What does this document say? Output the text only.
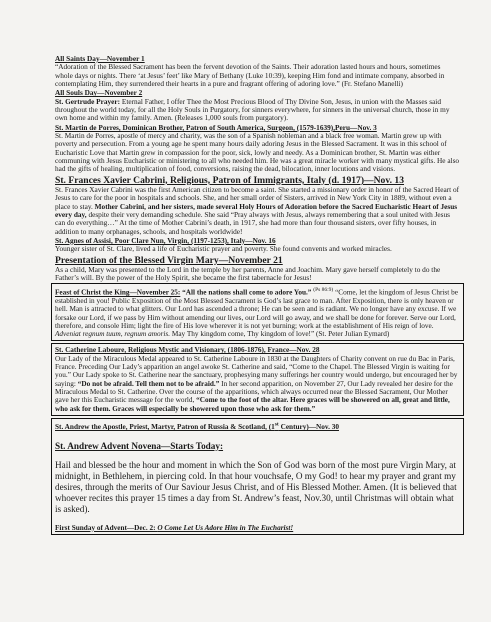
All Saints Day—November 1

“Adoration of the Blessed Sacrament has been the fervent devotion of the Saints. Their adoration lasted hours and hours, sometimes whole days or nights. There ‘at Jesus’ feet’ like Mary of Bethany (Luke 10:39), keeping Him fond and intimate company, absorbed in contemplating Him, they surrendered their hearts in a pure and fragrant offering of adoring love.” (Fr. Stefano Manelli)

All Souls Day—November 2

St. Gertrude Prayer: Eternal Father, I offer Thee the Most Precious Blood of Thy Divine Son, Jesus, in union with the Masses said throughout the world today, for all the Holy Souls in Purgatory, for sinners everywhere, for sinners in the universal church, those in my own home and within my family. Amen. (Releases 1,000 souls from purgatory).

St. Martin de Porres, Dominican Brother, Patron of South America, Surgeon, (1579-1639),Peru—Nov. 3

St. Martin de Porres, apostle of mercy and charity, was the son of a Spanish nobleman and a black free woman. Martin grew up with poverty and persecution. From a young age he spent many hours daily adoring Jesus in the Blessed Sacrament. It was in this school of Eucharistic Love that Martin grew in compassion for the poor, sick, lowly and needy. As a Dominican brother, St. Martin was either communing with Jesus Eucharistic or ministering to all who needed him. He was a great miracle worker with many mystical gifts. He also had the gifts of healing, multiplication of food, conversions, raising the dead, bilocation, inner locutions and visions.

St. Frances Xavier Cabrini, Religious, Patron of Immigrants, Italy (d. 1917)—Nov. 13

St. Frances Xavier Cabrini was the first American citizen to become a saint. She started a missionary order in honor of the Sacred Heart of Jesus to care for the poor in hospitals and schools. She, and her small order of Sisters, arrived in New York City in 1889, without even a place to stay. Mother Cabrini, and her sisters, made several Holy Hours of Adoration before the Sacred Eucharistic Heart of Jesus every day, despite their very demanding schedule. She said “Pray always with Jesus, always remembering that a soul united with Jesus can do everything…” At the time of Mother Cabrini’s death, in 1917, she had more than four thousand sisters, over fifty houses, in addition to many orphanages, schools, and hospitals worldwide!

St. Agnes of Assisi, Poor Clare Nun, Virgin, (1197-1253), Italy—Nov. 16

Younger sister of St. Clare, lived a life of Eucharistic prayer and poverty. She found convents and worked miracles.

Presentation of the Blessed Virgin Mary—November 21

As a child, Mary was presented to the Lord in the temple by her parents, Anne and Joachim. Mary gave herself completely to do the Father’s will. By the power of the Holy Spirit, she became the first tabernacle for Jesus!

Feast of Christ the King—November 25: “All the nations shall come to adore You.” $^{(Ps 86:9)}$ “Come, let the kingdom of Jesus Christ be established in you! Public Exposition of the Most Blessed Sacrament is God’s last grace to man. After Exposition, there is only heaven or hell. Man is attracted to what glitters. Our Lord has ascended a throne; He can be seen and is radiant. We no longer have any excuse. If we forsake our Lord, if we pass by Him without amending our lives, our Lord will go away, and we shall be done for forever. Serve our Lord, therefore, and console Him; light the fire of His love wherever it is not yet burning; work at the establishment of His reign of love. Adveniat regnum tuum, regnum amoris. May Thy kingdom come, Thy kingdom of love!” (St. Peter Julian Eymard)

St. Catherine Laboure, Religious Mystic and Visionary, (1806-1876), France—Nov. 28

Our Lady of the Miraculous Medal appeared to St. Catherine Laboure in 1830 at the Daughters of Charity convent on rue du Bac in Paris, France. Preceding Our Lady’s apparition an angel awoke St. Catherine and said, “Come to the Chapel. The Blessed Virgin is waiting for you.” Our Lady spoke to St. Catherine near the sanctuary, prophesying many sufferings her country would undergo, but encouraged her by saying: “Do not be afraid. Tell them not to be afraid.” In her second apparition, on November 27, Our Lady revealed her desire for the Miraculous Medal to St. Catherine. Over the course of the apparitions, which always occurred near the Blessed Sacrament, Our Mother gave her this Eucharistic message for the world, “Come to the foot of the altar. Here graces will be showered on all, great and little, who ask for them. Graces will especially be showered upon those who ask for them.”

St. Andrew the Apostle, Priest, Martyr, Patron of Russia & Scotland, (1st Century)—Nov. 30

St. Andrew Advent Novena—Starts Today:

Hail and blessed be the hour and moment in which the Son of God was born of the most pure Virgin Mary, at midnight, in Bethlehem, in piercing cold. In that hour vouchsafe, O my God! to hear my prayer and grant my desires, through the merits of Our Saviour Jesus Christ, and of His Blessed Mother. Amen. (It is believed that whoever recites this prayer 15 times a day from St. Andrew’s feast, Nov.30, until Christmas will obtain what is asked).

First Sunday of Advent—Dec. 2: O Come Let Us Adore Him in The Eucharist!
